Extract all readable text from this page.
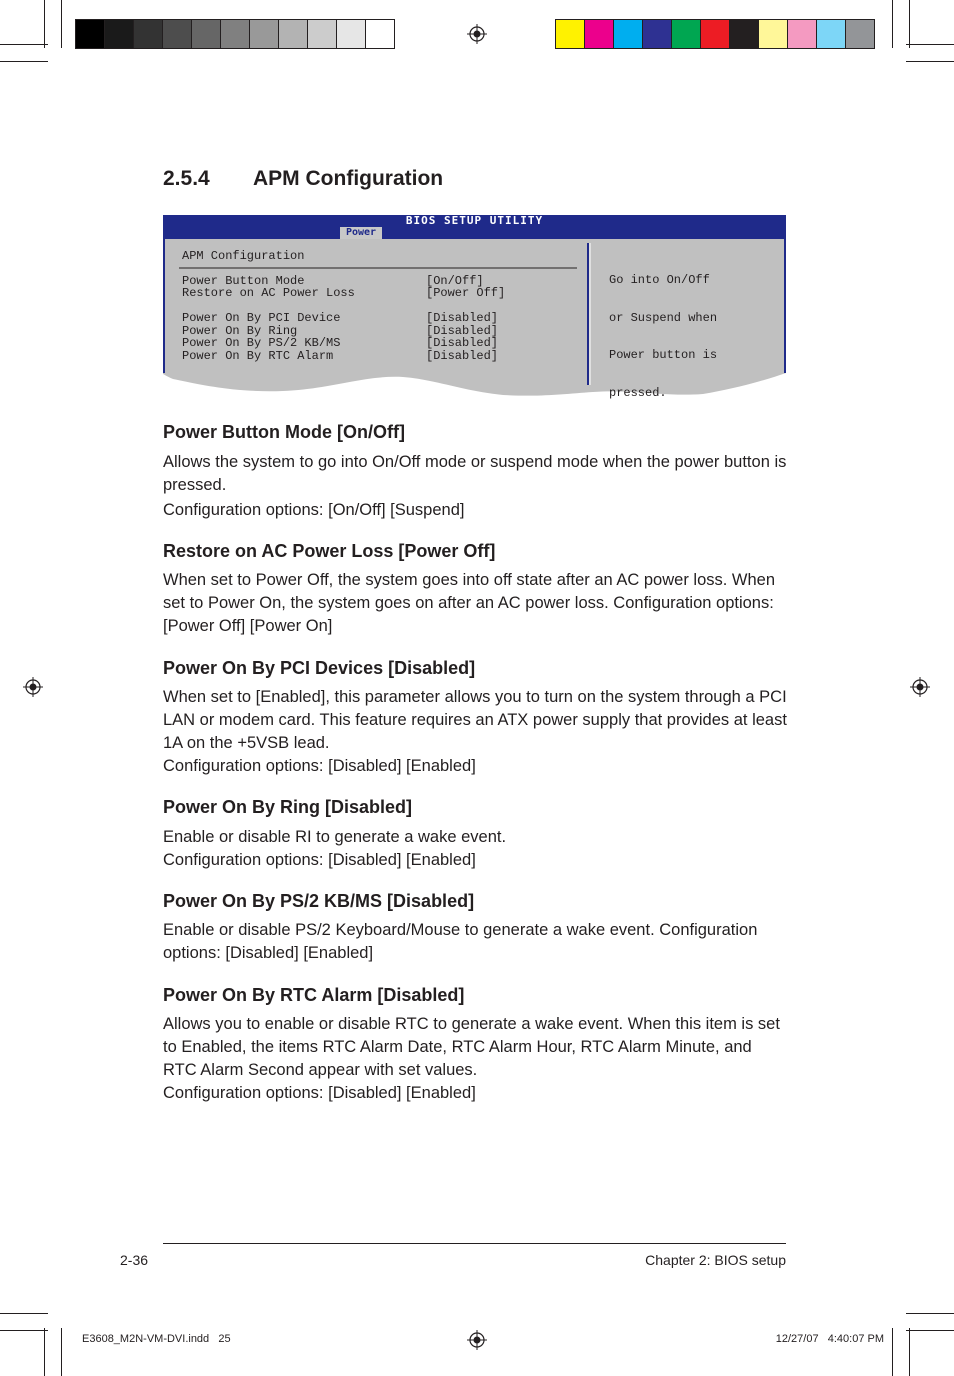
2.5.4 APM Configuration
BIOS SETUP UTILITY
Power
APM Configuration
Power Button Mode	[On/Off]
Restore on AC Power Loss	[Power Off]
Power On By PCI Device	[Disabled]
Power On By Ring	[Disabled]
Power On By PS/2 KB/MS	[Disabled]
Power On By RTC Alarm	[Disabled]

Go into On/Off

or Suspend when

Power button is

pressed.

Power Button Mode [On/Off]

Allows the system to go into On/Off mode or suspend mode when the power button is pressed.

Configuration options: [On/Off] [Suspend]

Restore on AC Power Loss [Power Off]

When set to Power Off, the system goes into off state after an AC power loss. When set to Power On, the system goes on after an AC power loss. Configuration options: [Power Off] [Power On]

Power On By PCI Devices [Disabled]

When set to [Enabled], this parameter allows you to turn on the system through a PCI LAN or modem card. This feature requires an ATX power supply that provides at least 1A on the +5VSB lead.

Configuration options: [Disabled] [Enabled]

Power On By Ring [Disabled]

Enable or disable RI to generate a wake event.

Configuration options: [Disabled] [Enabled]

Power On By PS/2 KB/MS [Disabled]

Enable or disable PS/2 Keyboard/Mouse to generate a wake event. Configuration options: [Disabled] [Enabled]

Power On By RTC Alarm [Disabled]

Allows you to enable or disable RTC to generate a wake event. When this item is set to Enabled, the items RTC Alarm Date, RTC Alarm Hour, RTC Alarm Minute, and RTC Alarm Second appear with set values.

Configuration options: [Disabled] [Enabled]

2-36	Chapter 2: BIOS setup
E3608_M2N-VM-DVI.indd   25	12/27/07   4:40:07 PM
